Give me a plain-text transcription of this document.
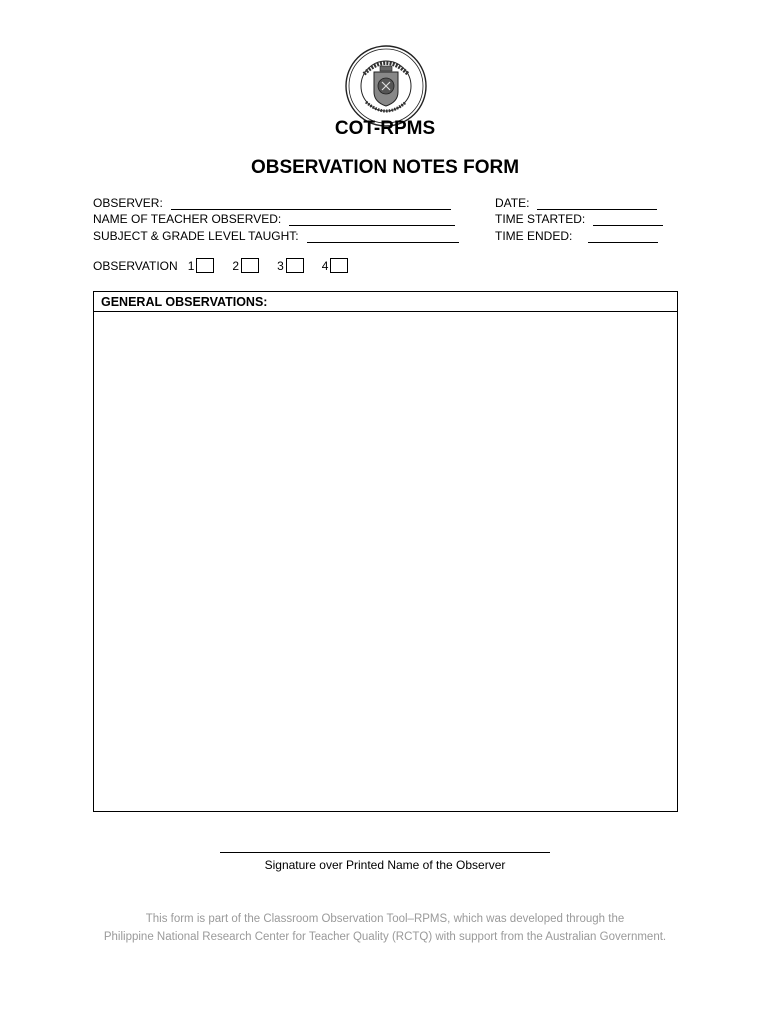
COT-RPMS
OBSERVATION NOTES FORM
OBSERVER:
NAME OF TEACHER OBSERVED:
SUBJECT & GRADE LEVEL TAUGHT:
DATE:
TIME STARTED:
TIME ENDED:
OBSERVATION 1	2	3	4
GENERAL OBSERVATIONS:
Signature over Printed Name of the Observer
This form is part of the Classroom Observation Tool–RPMS, which was developed through the
Philippine National Research Center for Teacher Quality (RCTQ) with support from the Australian Government.
